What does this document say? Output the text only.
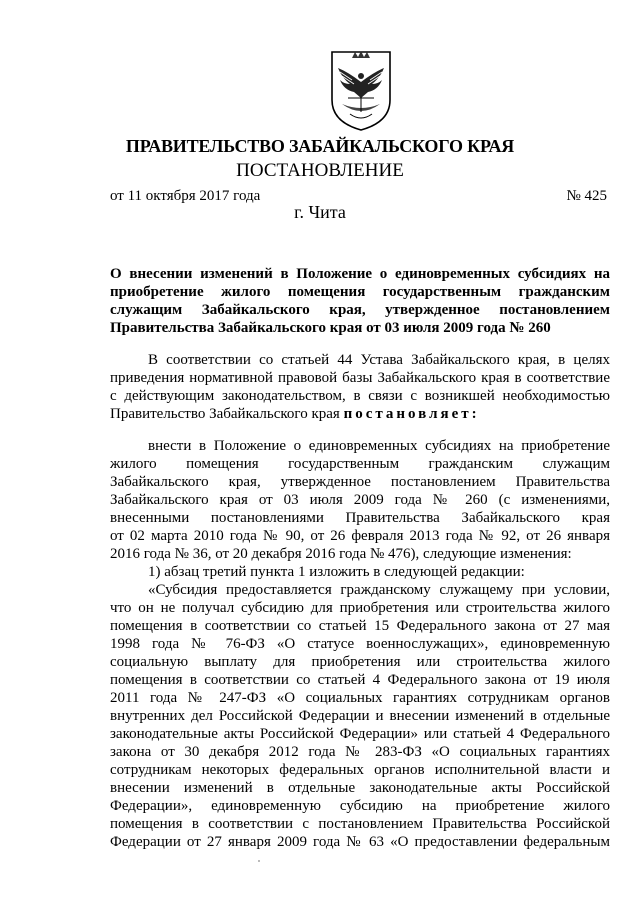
ПРАВИТЕЛЬСТВО ЗАБАЙКАЛЬСКОГО КРАЯ
ПОСТАНОВЛЕНИЕ
от 11 октября 2017 года	№ 425
г. Чита
О внесении изменений в Положение о единовременных субсидиях на
приобретение жилого помещения государственным гражданским
служащим Забайкальского края, утвержденное постановлением
Правительства Забайкальского края от 03 июля 2009 года № 260
В соответствии со статьей 44 Устава Забайкальского края, в целях
приведения нормативной правовой базы Забайкальского края в соответствие
с действующим законодательством, в связи с возникшей необходимостью
Правительство Забайкальского края постановляет:
внести в Положение о единовременных субсидиях на приобретение
жилого помещения государственным гражданским служащим
Забайкальского края, утвержденное постановлением Правительства
Забайкальского края от 03 июля 2009 года № 260 (с изменениями,
внесенными постановлениями Правительства Забайкальского края
от 02 марта 2010 года № 90, от 26 февраля 2013 года № 92, от 26 января
2016 года № 36, от 20 декабря 2016 года № 476), следующие изменения:
1) абзац третий пункта 1 изложить в следующей редакции:
«Субсидия предоставляется гражданскому служащему при условии,
что он не получал субсидию для приобретения или строительства жилого
помещения в соответствии со статьей 15 Федерального закона от 27 мая
1998 года № 76-ФЗ «О статусе военнослужащих», единовременную
социальную выплату для приобретения или строительства жилого
помещения в соответствии со статьей 4 Федерального закона от 19 июля
2011 года № 247-ФЗ «О социальных гарантиях сотрудникам органов
внутренних дел Российской Федерации и внесении изменений в отдельные
законодательные акты Российской Федерации» или статьей 4 Федерального
закона от 30 декабря 2012 года № 283-ФЗ «О социальных гарантиях
сотрудникам некоторых федеральных органов исполнительной власти и
внесении изменений в отдельные законодательные акты Российской
Федерации», единовременную субсидию на приобретение жилого
помещения в соответствии с постановлением Правительства Российской
Федерации от 27 января 2009 года № 63 «О предоставлении федеральным
